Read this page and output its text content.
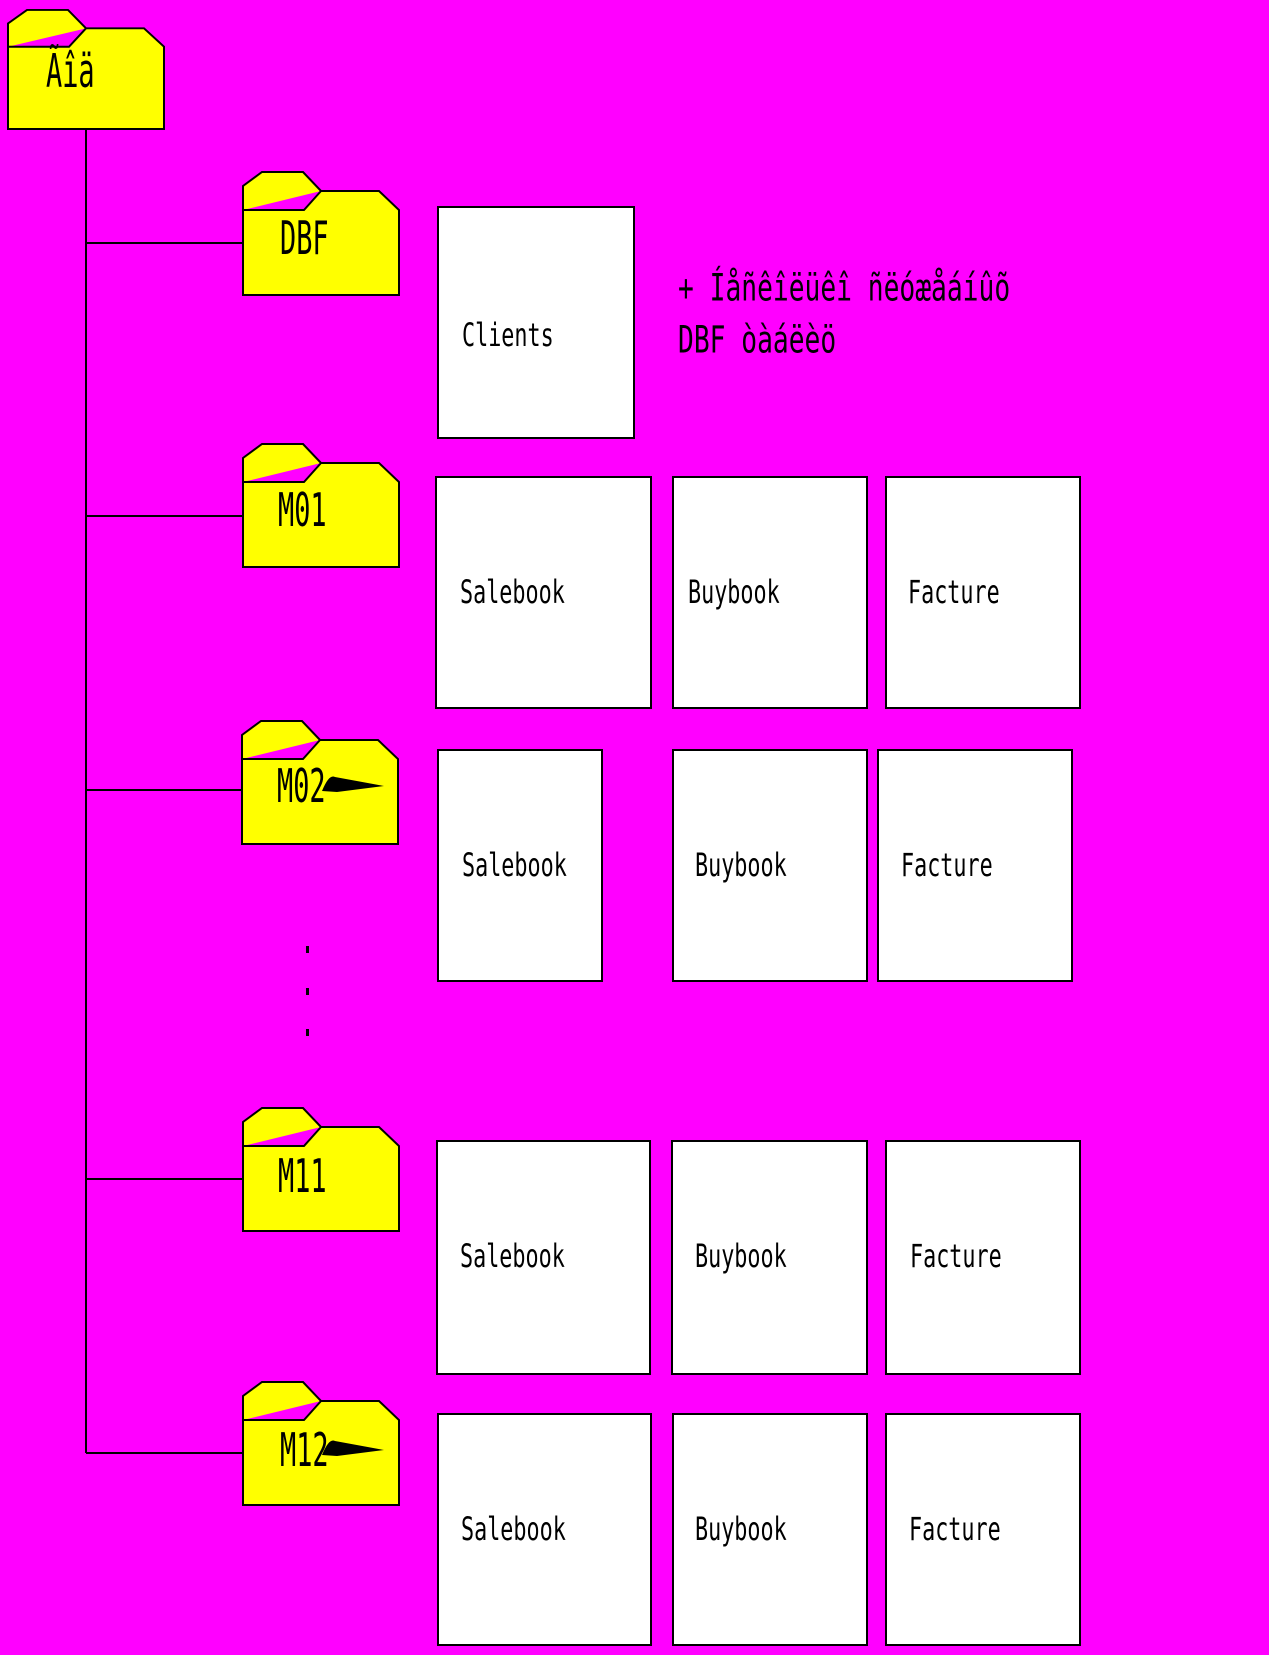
Ãîä
DBF
M01
M02
M11
M12
Clients
+ Íåñêîëüêî ñëóæåáíûõ
DBF òàáëèö
Salebook	Buybook	Facture
Salebook	Buybook	Facture
Salebook	Buybook	Facture
Salebook	Buybook	Facture
